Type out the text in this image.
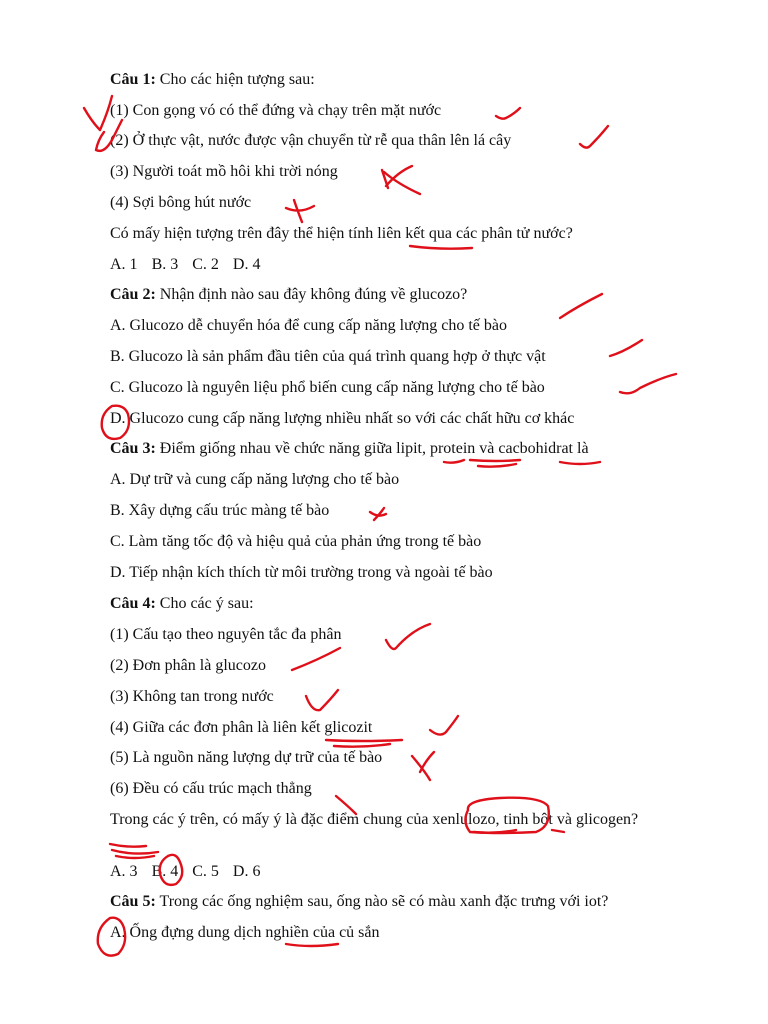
Câu 1: Cho các hiện tượng sau:
(1) Con gọng vó có thể đứng và chạy trên mặt nước
(2) Ở thực vật, nước được vận chuyển từ rễ qua thân lên lá cây
(3) Người toát mồ hôi khi trời nóng
(4) Sợi bông hút nước
Có mấy hiện tượng trên đây thể hiện tính liên kết qua các phân tử nước?
A. 1 B. 3 C. 2 D. 4
Câu 2: Nhận định nào sau đây không đúng về glucozo?
A. Glucozo dễ chuyển hóa để cung cấp năng lượng cho tế bào
B. Glucozo là sản phẩm đầu tiên của quá trình quang hợp ở thực vật
C. Glucozo là nguyên liệu phổ biến cung cấp năng lượng cho tế bào
D. Glucozo cung cấp năng lượng nhiều nhất so với các chất hữu cơ khác
Câu 3: Điểm giống nhau về chức năng giữa lipit, protein và cacbohidrat là
A. Dự trữ và cung cấp năng lượng cho tế bào
B. Xây dựng cấu trúc màng tế bào
C. Làm tăng tốc độ và hiệu quả của phản ứng trong tế bào
D. Tiếp nhận kích thích từ môi trường trong và ngoài tế bào
Câu 4: Cho các ý sau:
(1) Cấu tạo theo nguyên tắc đa phân
(2) Đơn phân là glucozo
(3) Không tan trong nước
(4) Giữa các đơn phân là liên kết glicozit
(5) Là nguồn năng lượng dự trữ của tế bào
(6) Đều có cấu trúc mạch thẳng
Trong các ý trên, có mấy ý là đặc điểm chung của xenlulozo, tinh bột và glicogen?
A. 3 B. 4 C. 5 D. 6
Câu 5: Trong các ống nghiệm sau, ống nào sẽ có màu xanh đặc trưng với iot?
A. Ống đựng dung dịch nghiền của củ sắn
